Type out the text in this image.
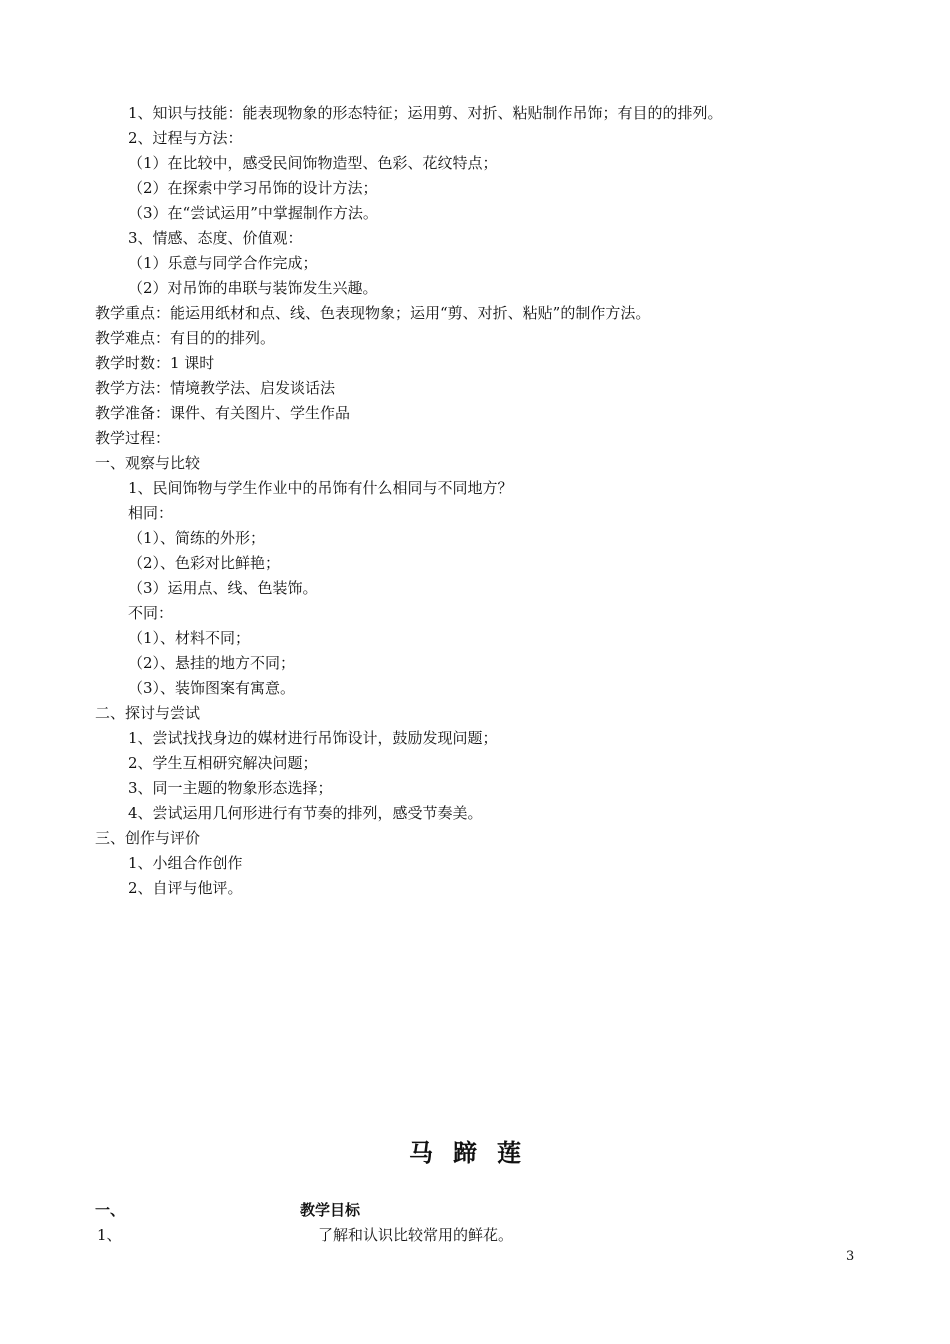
1、知识与技能：能表现物象的形态特征；运用剪、对折、粘贴制作吊饰；有目的的排列。
2、过程与方法：
（1）在比较中，感受民间饰物造型、色彩、花纹特点；
（2）在探索中学习吊饰的设计方法；
（3）在“尝试运用”中掌握制作方法。
3、情感、态度、价值观：
（1）乐意与同学合作完成；
（2）对吊饰的串联与装饰发生兴趣。
教学重点：能运用纸材和点、线、色表现物象；运用“剪、对折、粘贴”的制作方法。
教学难点：有目的的排列。
教学时数：1 课时
教学方法：情境教学法、启发谈话法
教学准备：课件、有关图片、学生作品
教学过程：
一、观察与比较
1、民间饰物与学生作业中的吊饰有什么相同与不同地方？
相同：
（1）、简练的外形；
（2）、色彩对比鲜艳；
（3）运用点、线、色装饰。
不同：
（1）、材料不同；
（2）、悬挂的地方不同；
（3）、装饰图案有寓意。
二、探讨与尝试
1、尝试找找身边的媒材进行吊饰设计，鼓励发现问题；
2、学生互相研究解决问题；
3、同一主题的物象形态选择；
4、尝试运用几何形进行有节奏的排列，感受节奏美。
三、创作与评价
1、小组合作创作
2、自评与他评。
马蹄莲
一、	教学目标
1、	了解和认识比较常用的鲜花。
3
